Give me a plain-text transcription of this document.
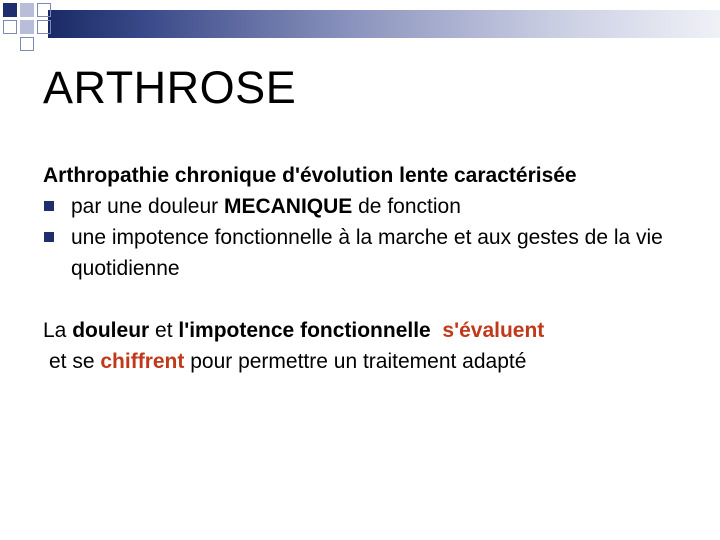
ARTHROSE

Arthropathie chronique d'évolution lente caractérisée

par une douleur MECANIQUE de fonction
une impotence fonctionnelle à la marche et aux gestes de la vie quotidienne

La douleur et l'impotence fonctionnelle s'évaluent
et se chiffrent pour permettre un traitement adapté
